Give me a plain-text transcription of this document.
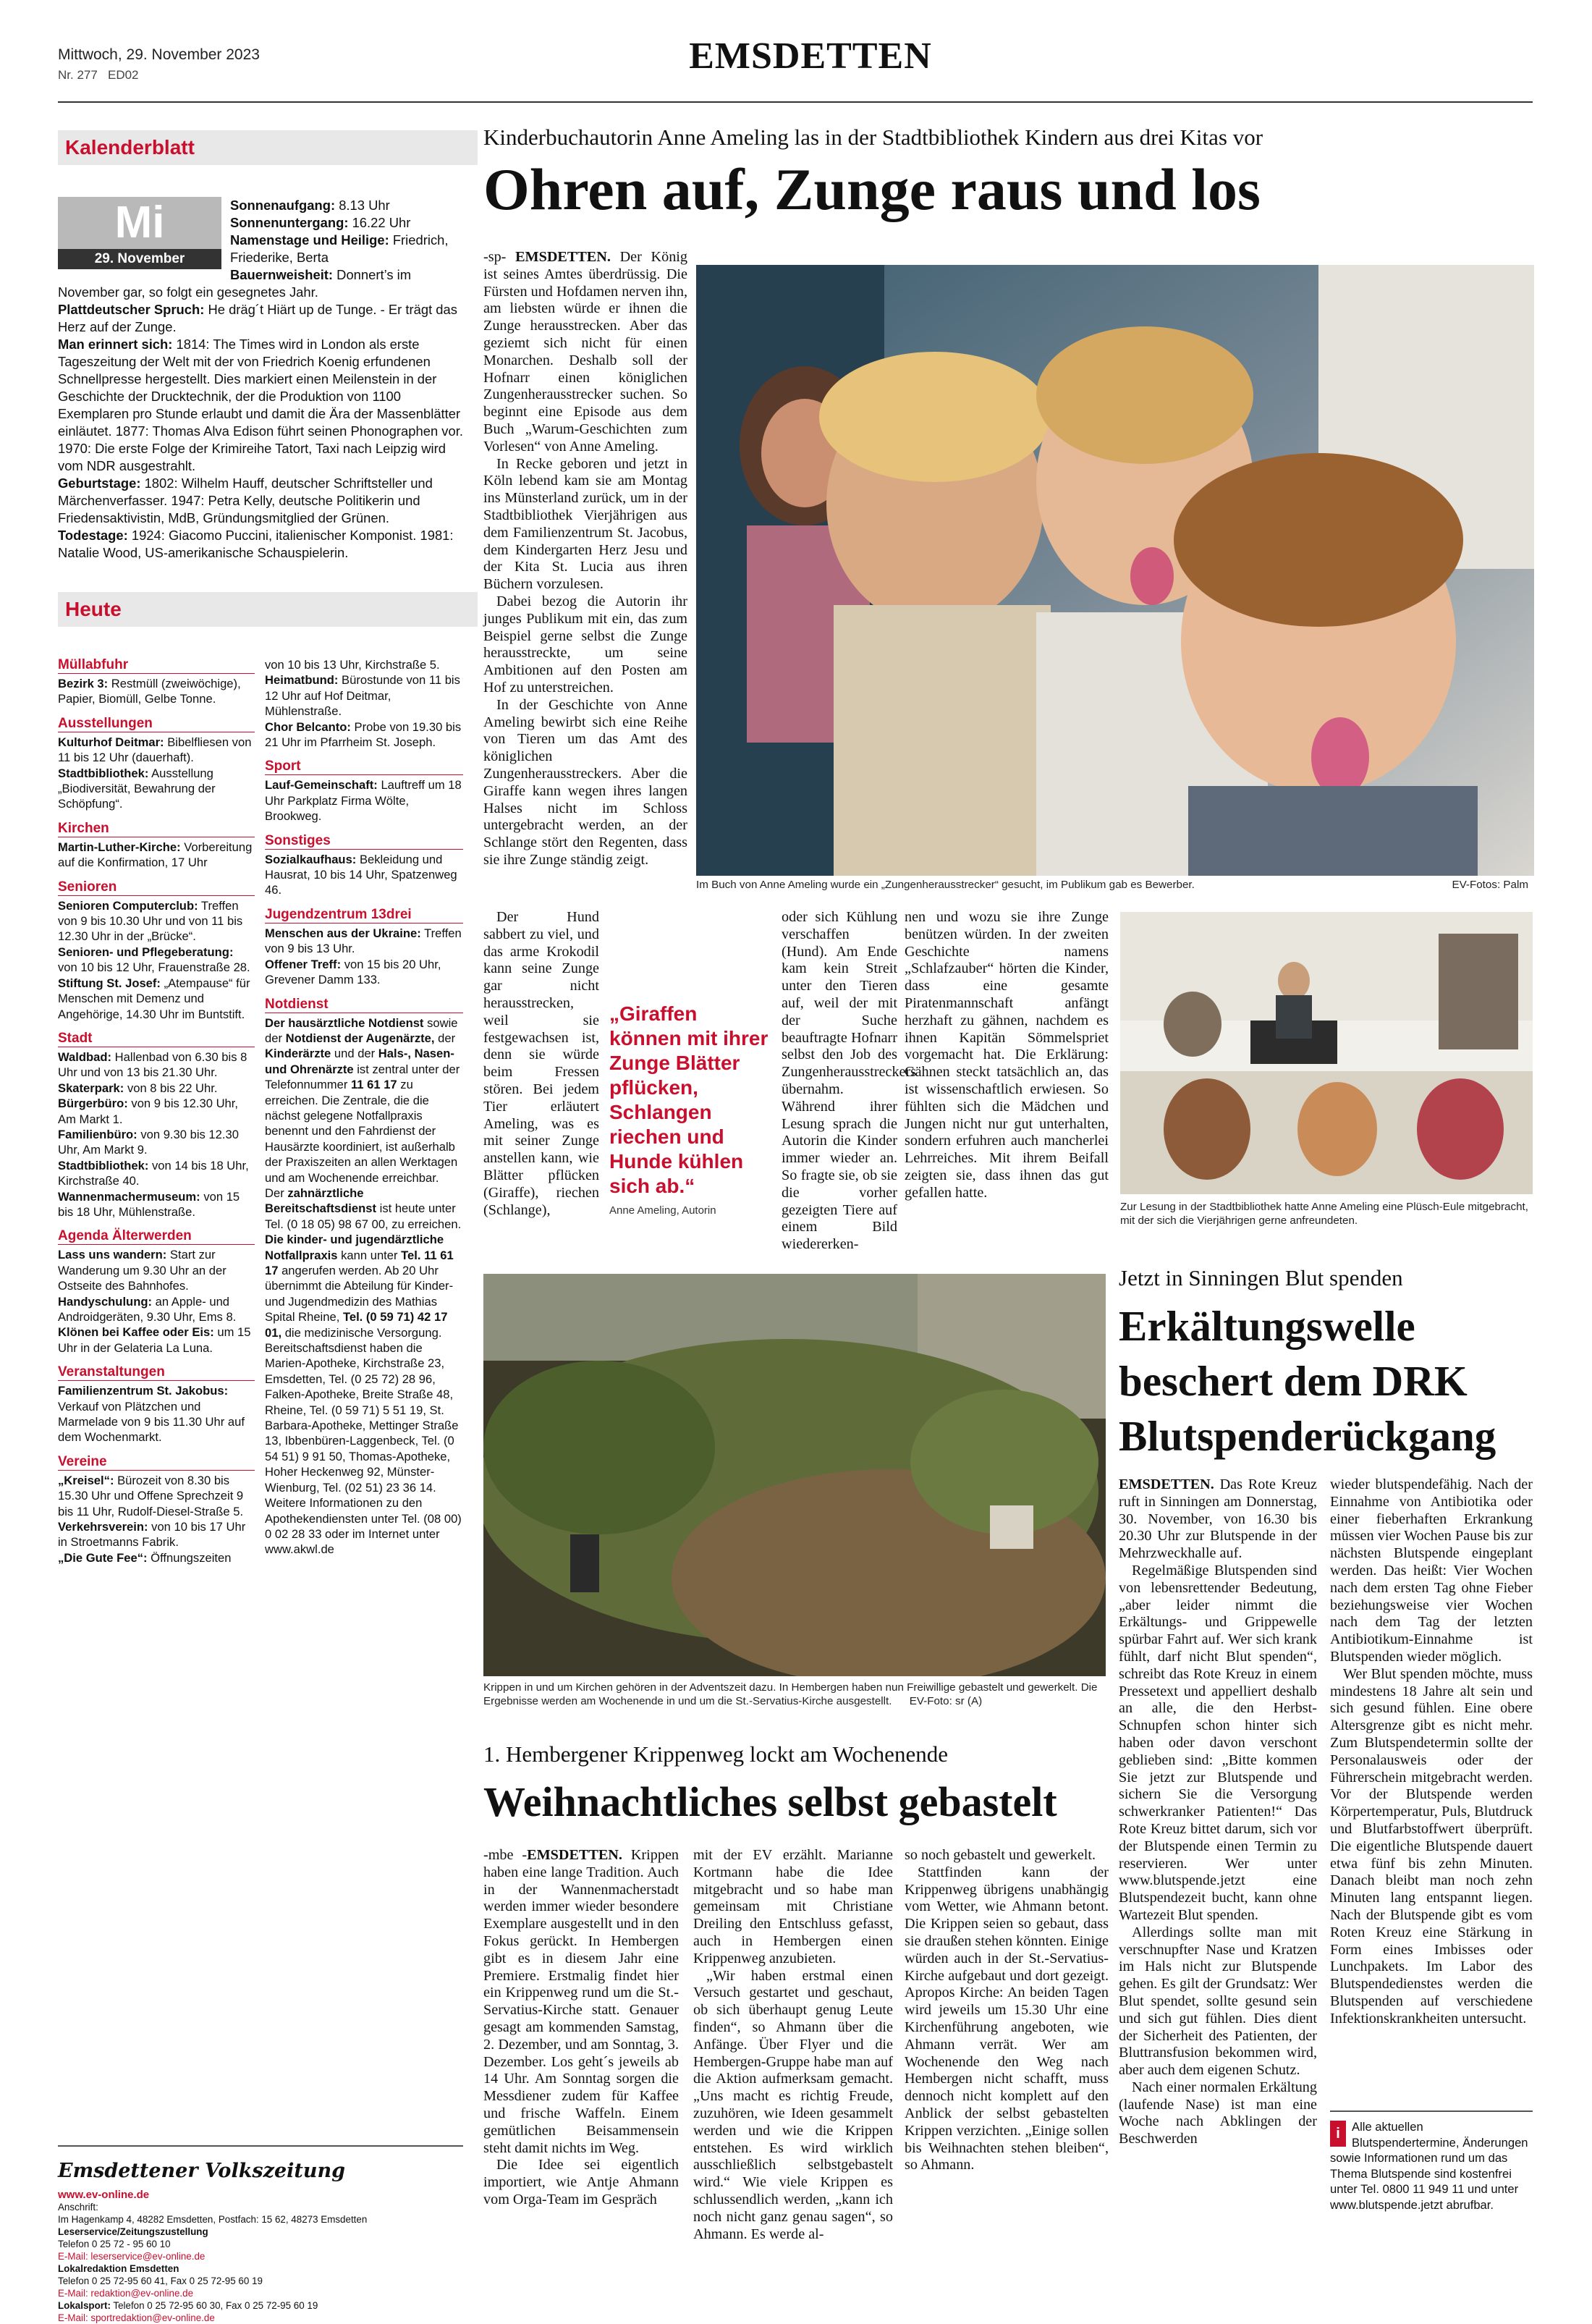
Mittwoch, 29. November 2023
Nr. 277 ED02	EMSDETTEN
Kalenderblatt
Mi
29. November
Sonnenaufgang: 8.13 Uhr
Sonnenuntergang: 16.22 Uhr
Namenstage und Heilige: Friedrich, Friederike, Berta
Bauernweisheit: Donnert’s im November gar, so folgt ein gesegnetes Jahr.
Plattdeutscher Spruch: He dräg´t Hiärt up de Tunge. - Er trägt das Herz auf der Zunge.
Man erinnert sich: 1814: The Times wird in London als erste Tageszeitung der Welt mit der von Friedrich Koenig erfundenen Schnellpresse hergestellt. Dies markiert einen Meilenstein in der Geschichte der Drucktechnik, der die Produktion von 1100 Exemplaren pro Stunde erlaubt und damit die Ära der Massenblätter einläutet. 1877: Thomas Alva Edison führt seinen Phonographen vor. 1970: Die erste Folge der Krimireihe Tatort, Taxi nach Leipzig wird vom NDR ausgestrahlt.
Geburtstage: 1802: Wilhelm Hauff, deutscher Schriftsteller und Märchenverfasser. 1947: Petra Kelly, deutsche Politikerin und Friedensaktivistin, MdB, Gründungsmitglied der Grünen.
Todestage: 1924: Giacomo Puccini, italienischer Komponist. 1981: Natalie Wood, US-amerikanische Schauspielerin.
Heute
Müllabfuhr

Bezirk 3: Restmüll (zweiwöchige), Papier, Biomüll, Gelbe Tonne.

Ausstellungen

Kulturhof Deitmar: Bibelfliesen von 11 bis 12 Uhr (dauerhaft).

Stadtbibliothek: Ausstellung „Biodiversität, Bewahrung der Schöpfung“.

Kirchen

Martin-Luther-Kirche: Vorbereitung auf die Konfirmation, 17 Uhr

Senioren

Senioren Computerclub: Treffen von 9 bis 10.30 Uhr und von 11 bis 12.30 Uhr in der „Brücke“.

Senioren- und Pflegeberatung: von 10 bis 12 Uhr, Frauenstraße 28.

Stiftung St. Josef: „Atempause“ für Menschen mit Demenz und Angehörige, 14.30 Uhr im Buntstift.

Stadt

Waldbad: Hallenbad von 6.30 bis 8 Uhr und von 13 bis 21.30 Uhr.

Skaterpark: von 8 bis 22 Uhr.

Bürgerbüro: von 9 bis 12.30 Uhr, Am Markt 1.

Familienbüro: von 9.30 bis 12.30 Uhr, Am Markt 9.

Stadtbibliothek: von 14 bis 18 Uhr, Kirchstraße 40.

Wannenmachermuseum: von 15 bis 18 Uhr, Mühlenstraße.

Agenda Älterwerden

Lass uns wandern: Start zur Wanderung um 9.30 Uhr an der Ostseite des Bahnhofes.

Handyschulung: an Apple- und Androidgeräten, 9.30 Uhr, Ems 8.

Klönen bei Kaffee oder Eis: um 15 Uhr in der Gelateria La Luna.

Veranstaltungen

Familienzentrum St. Jakobus: Verkauf von Plätzchen und Marmelade von 9 bis 11.30 Uhr auf dem Wochenmarkt.

Vereine

„Kreisel“: Bürozeit von 8.30 bis 15.30 Uhr und Offene Sprechzeit 9 bis 11 Uhr, Rudolf-Diesel-Straße 5.

Verkehrsverein: von 10 bis 17 Uhr in Stroetmanns Fabrik.

„Die Gute Fee“: Öffnungszeiten

von 10 bis 13 Uhr, Kirchstraße 5.

Heimatbund: Bürostunde von 11 bis 12 Uhr auf Hof Deitmar, Mühlenstraße.

Chor Belcanto: Probe von 19.30 bis 21 Uhr im Pfarrheim St. Joseph.

Sport

Lauf-Gemeinschaft: Lauftreff um 18 Uhr Parkplatz Firma Wölte, Brookweg.

Sonstiges

Sozialkaufhaus: Bekleidung und Hausrat, 10 bis 14 Uhr, Spatzenweg 46.

Jugendzentrum 13drei

Menschen aus der Ukraine: Treffen von 9 bis 13 Uhr.

Offener Treff: von 15 bis 20 Uhr, Grevener Damm 133.

Notdienst

Der hausärztliche Notdienst sowie der Notdienst der Augenärzte, der Kinderärzte und der Hals-, Nasen- und Ohrenärzte ist zentral unter der Telefonnummer 11 61 17 zu erreichen. Die Zentrale, die die nächst gelegene Notfallpraxis benennt und den Fahrdienst der Hausärzte koordiniert, ist außerhalb der Praxiszeiten an allen Werktagen und am Wochenende erreichbar.

Der zahnärztliche Bereitschaftsdienst ist heute unter Tel. (0 18 05) 98 67 00, zu erreichen.

Die kinder- und jugendärztliche Notfallpraxis kann unter Tel. 11 61 17 angerufen werden. Ab 20 Uhr übernimmt die Abteilung für Kinder- und Jugendmedizin des Mathias Spital Rheine, Tel. (0 59 71) 42 17 01, die medizinische Versorgung.

Bereitschaftsdienst haben die Marien-Apotheke, Kirchstraße 23, Emsdetten, Tel. (0 25 72) 28 96, Falken-Apotheke, Breite Straße 48, Rheine, Tel. (0 59 71) 5 51 19, St. Barbara-Apotheke, Mettinger Straße 13, Ibbenbüren-Laggenbeck, Tel. (0 54 51) 9 91 50, Thomas-Apotheke, Hoher Heckenweg 92, Münster-Wienburg, Tel. (02 51) 23 36 14. Weitere Informationen zu den Apothekendiensten unter Tel. (08 00) 0 02 28 33 oder im Internet unter www.akwl.de

Emsdettener Volkszeitung
www.ev-online.de
Anschrift:
Im Hagenkamp 4, 48282 Emsdetten, Postfach: 15 62, 48273 Emsdetten
Leserservice/Zeitungszustellung
Telefon 0 25 72 - 95 60 10
E-Mail: leserservice@ev-online.de
Lokalredaktion Emsdetten
Telefon 0 25 72-95 60 41, Fax 0 25 72-95 60 19
E-Mail: redaktion@ev-online.de
Lokalsport: Telefon 0 25 72-95 60 30, Fax 0 25 72-95 60 19
E-Mail: sportredaktion@ev-online.de
Kinderbuchautorin Anne Ameling las in der Stadtbibliothek Kindern aus drei Kitas vor
Ohren auf, Zunge raus und los

-sp- EMSDETTEN. Der König ist seines Amtes überdrüssig. Die Fürsten und Hofdamen nerven ihn, am liebsten würde er ihnen die Zunge herausstrecken. Aber das geziemt sich nicht für einen Monarchen. Deshalb soll der Hofnarr einen königlichen Zungenherausstrecker suchen. So beginnt eine Episode aus dem Buch „Warum-Geschichten zum Vorlesen“ von Anne Ameling.

In Recke geboren und jetzt in Köln lebend kam sie am Montag ins Münsterland zurück, um in der Stadtbibliothek Vierjährigen aus dem Familienzentrum St. Jacobus, dem Kindergarten Herz Jesu und der Kita St. Lucia aus ihren Büchern vorzulesen.

Dabei bezog die Autorin ihr junges Publikum mit ein, das zum Beispiel gerne selbst die Zunge herausstreckte, um seine Ambitionen auf den Posten am Hof zu unterstreichen.

In der Geschichte von Anne Ameling bewirbt sich eine Reihe von Tieren um das Amt des königlichen Zungenherausstreckers. Aber die Giraffe kann wegen ihres langen Halses nicht im Schloss untergebracht werden, an der Schlange stört den Regenten, dass sie ihre Zunge ständig zeigt.

Im Buch von Anne Ameling wurde ein „Zungenherausstrecker“ gesucht, im Publikum gab es Bewerber.	EV-Fotos: Palm

Der Hund sabbert zu viel, und das arme Krokodil kann seine Zunge gar nicht herausstrecken, weil sie festgewachsen ist, denn sie würde beim Fressen stören. Bei jedem Tier erläutert Ameling, was es mit seiner Zunge anstellen kann, wie Blätter pflücken (Giraffe), riechen (Schlange),

„Giraffen können mit ihrer Zunge Blätter pflücken, Schlangen riechen und Hunde kühlen sich ab.“
Anne Ameling, Autorin

oder sich Kühlung verschaffen (Hund). Am Ende kam kein Streit unter den Tieren auf, weil der mit der Suche beauftragte Hofnarr selbst den Job des Zungenherausstreckers übernahm. Während ihrer Lesung sprach die Autorin die Kinder immer wieder an. So fragte sie, ob sie die vorher gezeigten Tiere auf einem Bild wiedererken-

nen und wozu sie ihre Zunge benützen würden. In der zweiten Geschichte namens „Schlafzauber“ hörten die Kinder, dass eine gesamte Piratenmannschaft anfängt herzhaft zu gähnen, nachdem es ihnen Kapitän Sömmelspriet vorgemacht hat. Die Erklärung: Gähnen steckt tatsächlich an, das ist wissenschaftlich erwiesen. So fühlten sich die Mädchen und Jungen nicht nur gut unterhalten, sondern erfuhren auch mancherlei Lehrreiches. Mit ihrem Beifall zeigten sie, dass ihnen das gut gefallen hatte.

Zur Lesung in der Stadtbibliothek hatte Anne Ameling eine Plüsch-Eule mitgebracht, mit der sich die Vierjährigen gerne anfreundeten.
Krippen in und um Kirchen gehören in der Adventszeit dazu. In Hembergen haben nun Freiwillige gebastelt und gewerkelt. Die Ergebnisse werden am Wochenende in und um die St.-Servatius-Kirche ausgestellt. EV-Foto: sr (A)
1. Hembergener Krippenweg lockt am Wochenende
Weihnachtliches selbst gebastelt

-mbe -EMSDETTEN. Krippen haben eine lange Tradition. Auch in der Wannenmacherstadt werden immer wieder besondere Exemplare ausgestellt und in den Fokus gerückt. In Hembergen gibt es in diesem Jahr eine Premiere. Erstmalig findet hier ein Krippenweg rund um die St.-Servatius-Kirche statt. Genauer gesagt am kommenden Samstag, 2. Dezember, und am Sonntag, 3. Dezember. Los geht´s jeweils ab 14 Uhr. Am Sonntag sorgen die Messdiener zudem für Kaffee und frische Waffeln. Einem gemütlichen Beisammensein steht damit nichts im Weg.

Die Idee sei eigentlich importiert, wie Antje Ahmann vom Orga-Team im Gespräch

mit der EV erzählt. Marianne Kortmann habe die Idee mitgebracht und so habe man gemeinsam mit Christiane Dreiling den Entschluss gefasst, auch in Hembergen einen Krippenweg anzubieten.

„Wir haben erstmal einen Versuch gestartet und geschaut, ob sich überhaupt genug Leute finden“, so Ahmann über die Anfänge. Über Flyer und die Hembergen-Gruppe habe man auf die Aktion aufmerksam gemacht. „Uns macht es richtig Freude, zuzuhören, wie Ideen gesammelt werden und wie die Krippen entstehen. Es wird wirklich ausschließlich selbstgebastelt wird.“ Wie viele Krippen es schlussendlich werden, „kann ich noch nicht ganz genau sagen“, so Ahmann. Es werde al-

so noch gebastelt und gewerkelt.

Stattfinden kann der Krippenweg übrigens unabhängig vom Wetter, wie Ahmann betont. Die Krippen seien so gebaut, dass sie draußen stehen könnten. Einige würden auch in der St.-Servatius-Kirche aufgebaut und dort gezeigt. Apropos Kirche: An beiden Tagen wird jeweils um 15.30 Uhr eine Kirchenführung angeboten, wie Ahmann verrät. Wer am Wochenende den Weg nach Hembergen nicht schafft, muss dennoch nicht komplett auf den Anblick der selbst gebastelten Krippen verzichten. „Einige sollen bis Weihnachten stehen bleiben“, so Ahmann.

Jetzt in Sinningen Blut spenden
Erkältungswelle beschert dem DRK Blutspenderückgang

EMSDETTEN. Das Rote Kreuz ruft in Sinningen am Donnerstag, 30. November, von 16.30 bis 20.30 Uhr zur Blutspende in der Mehrzweckhalle auf.

Regelmäßige Blutspenden sind von lebensrettender Bedeutung, „aber leider nimmt die Erkältungs- und Grippewelle spürbar Fahrt auf. Wer sich krank fühlt, darf nicht Blut spenden“, schreibt das Rote Kreuz in einem Pressetext und appelliert deshalb an alle, die den Herbst-Schnupfen schon hinter sich haben oder davon verschont geblieben sind: „Bitte kommen Sie jetzt zur Blutspende und sichern Sie die Versorgung schwerkranker Patienten!“ Das Rote Kreuz bittet darum, sich vor der Blutspende einen Termin zu reservieren. Wer unter www.blutspende.jetzt eine Blutspendezeit bucht, kann ohne Wartezeit Blut spenden.

Allerdings sollte man mit verschnupfter Nase und Kratzen im Hals nicht zur Blutspende gehen. Es gilt der Grundsatz: Wer Blut spendet, sollte gesund sein und sich gut fühlen. Dies dient der Sicherheit des Patienten, der Bluttransfusion bekommen wird, aber auch dem eigenen Schutz.

Nach einer normalen Erkältung (laufende Nase) ist man eine Woche nach Abklingen der Beschwerden

wieder blutspendefähig. Nach der Einnahme von Antibiotika oder einer fieberhaften Erkrankung müssen vier Wochen Pause bis zur nächsten Blutspende eingeplant werden. Das heißt: Vier Wochen nach dem ersten Tag ohne Fieber beziehungsweise vier Wochen nach dem Tag der letzten Antibiotikum-Einnahme ist Blutspenden wieder möglich.

Wer Blut spenden möchte, muss mindestens 18 Jahre alt sein und sich gesund fühlen. Eine obere Altersgrenze gibt es nicht mehr. Zum Blutspendetermin sollte der Personalausweis oder der Führerschein mitgebracht werden. Vor der Blutspende werden Körpertemperatur, Puls, Blutdruck und Blutfarbstoffwert überprüft. Die eigentliche Blutspende dauert etwa fünf bis zehn Minuten. Danach bleibt man noch zehn Minuten lang entspannt liegen. Nach der Blutspende gibt es vom Roten Kreuz eine Stärkung in Form eines Imbisses oder Lunchpakets. Im Labor des Blutspendedienstes werden die Blutspenden auf verschiedene Infektionskrankheiten untersucht.

i Alle aktuellen Blutspendertermine, Änderungen sowie Informationen rund um das Thema Blutspende sind kostenfrei unter Tel. 0800 11 949 11 und unter www.blutspende.jetzt abrufbar.
